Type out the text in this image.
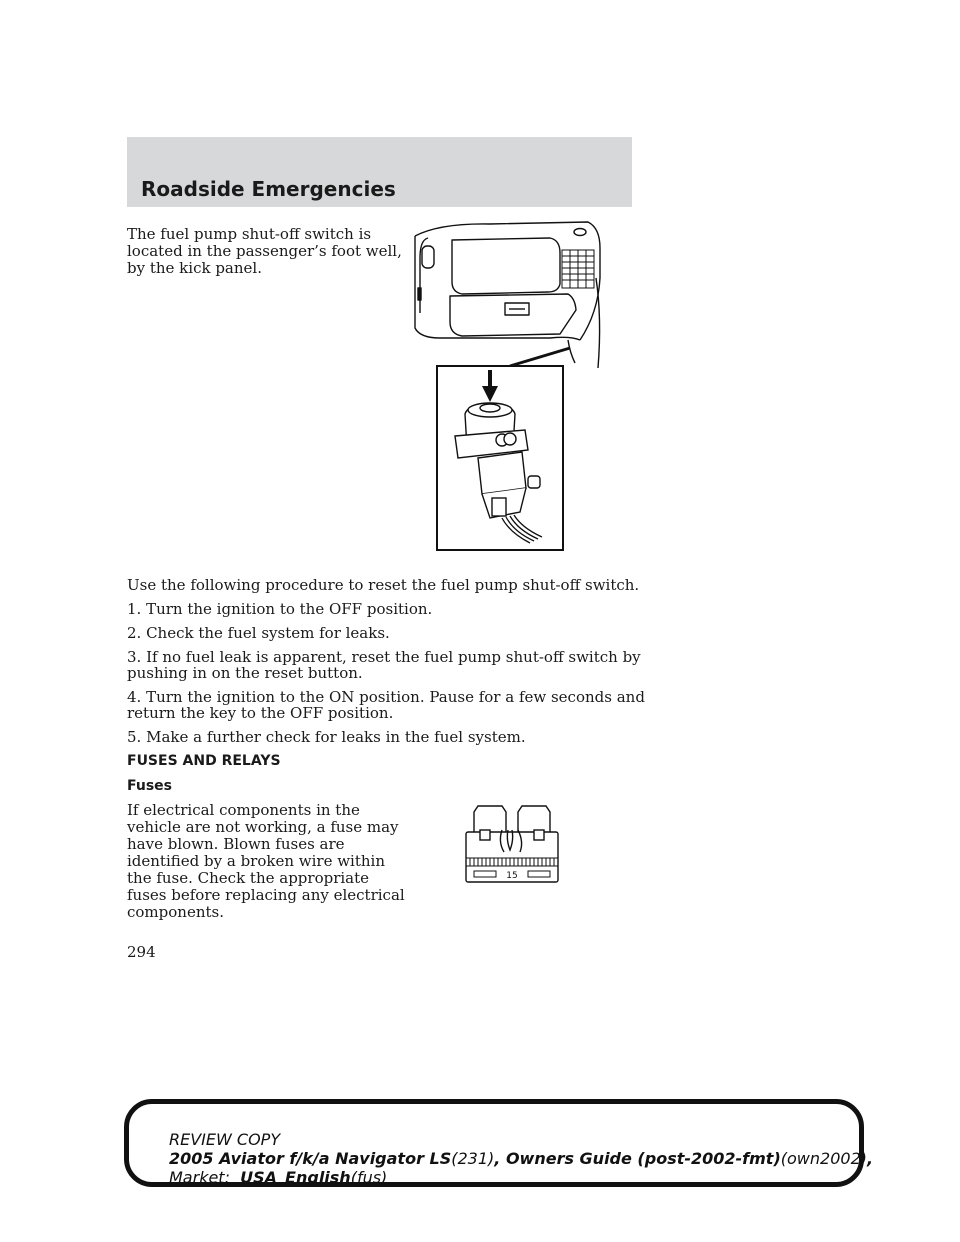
Roadside Emergencies
The fuel pump shut-off switch is
located in the passenger’s foot well,
by the kick panel.
Use the following procedure to reset the fuel pump shut-off switch.
1. Turn the ignition to the OFF position.
2. Check the fuel system for leaks.
3. If no fuel leak is apparent, reset the fuel pump shut-off switch by
pushing in on the reset button.
4. Turn the ignition to the ON position. Pause for a few seconds and
return the key to the OFF position.
5. Make a further check for leaks in the fuel system.
FUSES AND RELAYS
Fuses
If electrical components in the
vehicle are not working, a fuse may
have blown. Blown fuses are
identified by a broken wire within
the fuse. Check the appropriate
fuses before replacing any electrical
components.
15
294
REVIEW COPY
2005 Aviator f/k/a Navigator LS(231), Owners Guide (post-2002-fmt)(own2002),
Market: USA_English(fus)
